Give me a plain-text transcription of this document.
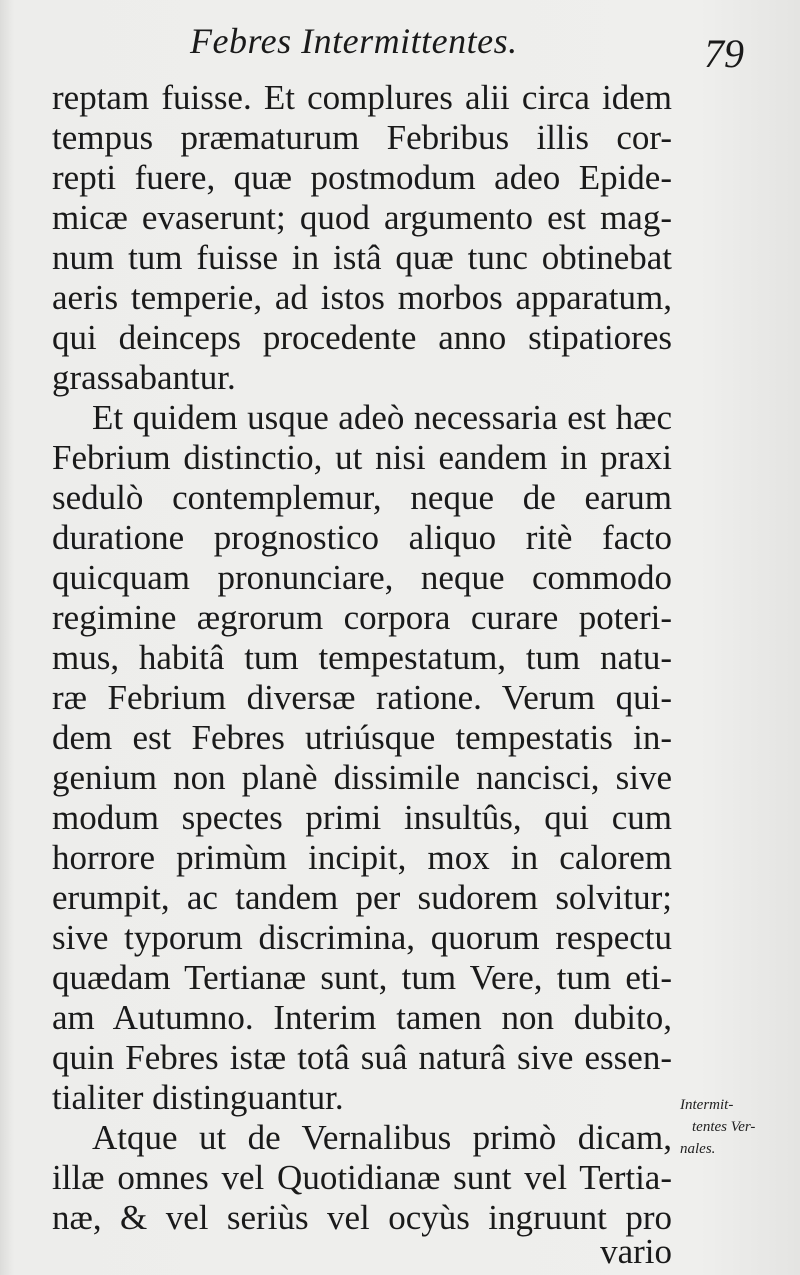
Febres Intermittentes.	79
reptam fuisse. Et complures alii circa idem
tempus præmaturum Febribus illis cor-
repti fuere, quæ postmodum adeo Epide-
micæ evaserunt; quod argumento est mag-
num tum fuisse in istâ quæ tunc obtinebat
aeris temperie, ad istos morbos apparatum,
qui deinceps procedente anno stipatiores
grassabantur.
Et quidem usque adeò necessaria est hæc
Febrium distinctio, ut nisi eandem in praxi
sedulò contemplemur, neque de earum
duratione prognostico aliquo ritè facto
quicquam pronunciare, neque commodo
regimine ægrorum corpora curare poteri-
mus, habitâ tum tempestatum, tum natu-
ræ Febrium diversæ ratione. Verum qui-
dem est Febres utriúsque tempestatis in-
genium non planè dissimile nancisci, sive
modum spectes primi insultûs, qui cum
horrore primùm incipit, mox in calorem
erumpit, ac tandem per sudorem solvitur;
sive typorum discrimina, quorum respectu
quædam Tertianæ sunt, tum Vere, tum eti-
am Autumno. Interim tamen non dubito,
quin Febres istæ totâ suâ naturâ sive essen-
tialiter distinguantur.
Atque ut de Vernalibus primò dicam,
illæ omnes vel Quotidianæ sunt vel Tertia-
næ, & vel seriùs vel ocyùs ingruunt pro
vario
Intermit-
tentes Ver-
nales.
